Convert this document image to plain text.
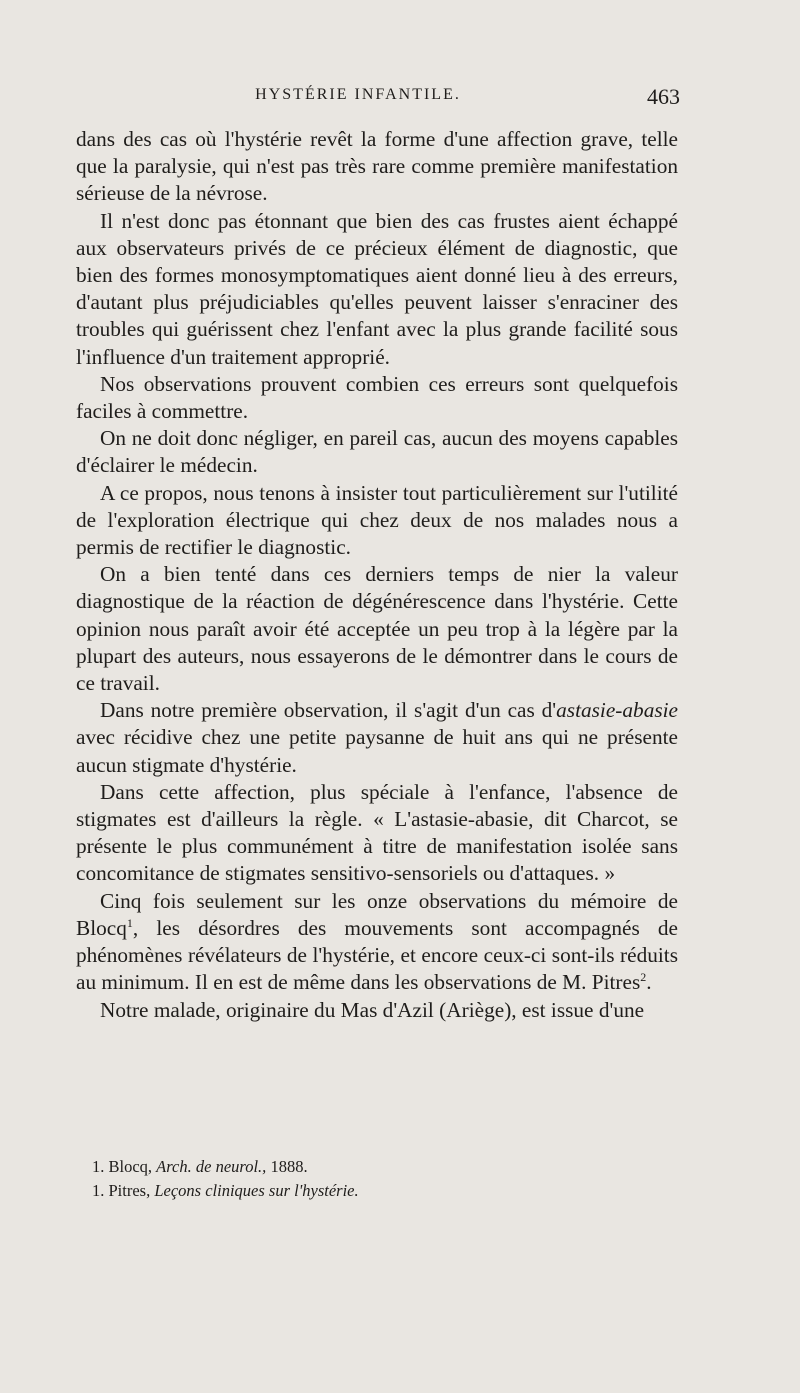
HYSTÉRIE INFANTILE.	463

dans des cas où l'hystérie revêt la forme d'une affection grave, telle que la paralysie, qui n'est pas très rare comme première manifestation sérieuse de la névrose.

Il n'est donc pas étonnant que bien des cas frustes aient échappé aux observateurs privés de ce précieux élément de diagnostic, que bien des formes monosymptomatiques aient donné lieu à des erreurs, d'autant plus préjudiciables qu'elles peuvent laisser s'enraciner des troubles qui guérissent chez l'enfant avec la plus grande facilité sous l'influence d'un traitement approprié.

Nos observations prouvent combien ces erreurs sont quelquefois faciles à commettre.

On ne doit donc négliger, en pareil cas, aucun des moyens capables d'éclairer le médecin.

A ce propos, nous tenons à insister tout particulièrement sur l'utilité de l'exploration électrique qui chez deux de nos malades nous a permis de rectifier le diagnostic.

On a bien tenté dans ces derniers temps de nier la valeur diagnostique de la réaction de dégénérescence dans l'hystérie. Cette opinion nous paraît avoir été acceptée un peu trop à la légère par la plupart des auteurs, nous essayerons de le démontrer dans le cours de ce travail.

Dans notre première observation, il s'agit d'un cas d'astasie-abasie avec récidive chez une petite paysanne de huit ans qui ne présente aucun stigmate d'hystérie.

Dans cette affection, plus spéciale à l'enfance, l'absence de stigmates est d'ailleurs la règle. « L'astasie-abasie, dit Charcot, se présente le plus communément à titre de manifestation isolée sans concomitance de stigmates sensitivo-sensoriels ou d'attaques. »

Cinq fois seulement sur les onze observations du mémoire de Blocq$^1$, les désordres des mouvements sont accompagnés de phénomènes révélateurs de l'hystérie, et encore ceux-ci sont-ils réduits au minimum. Il en est de même dans les observations de M. Pitres$^2$.

Notre malade, originaire du Mas d'Azil (Ariège), est issue d'une

1. Blocq, Arch. de neurol., 1888.
1. Pitres, Leçons cliniques sur l'hystérie.
